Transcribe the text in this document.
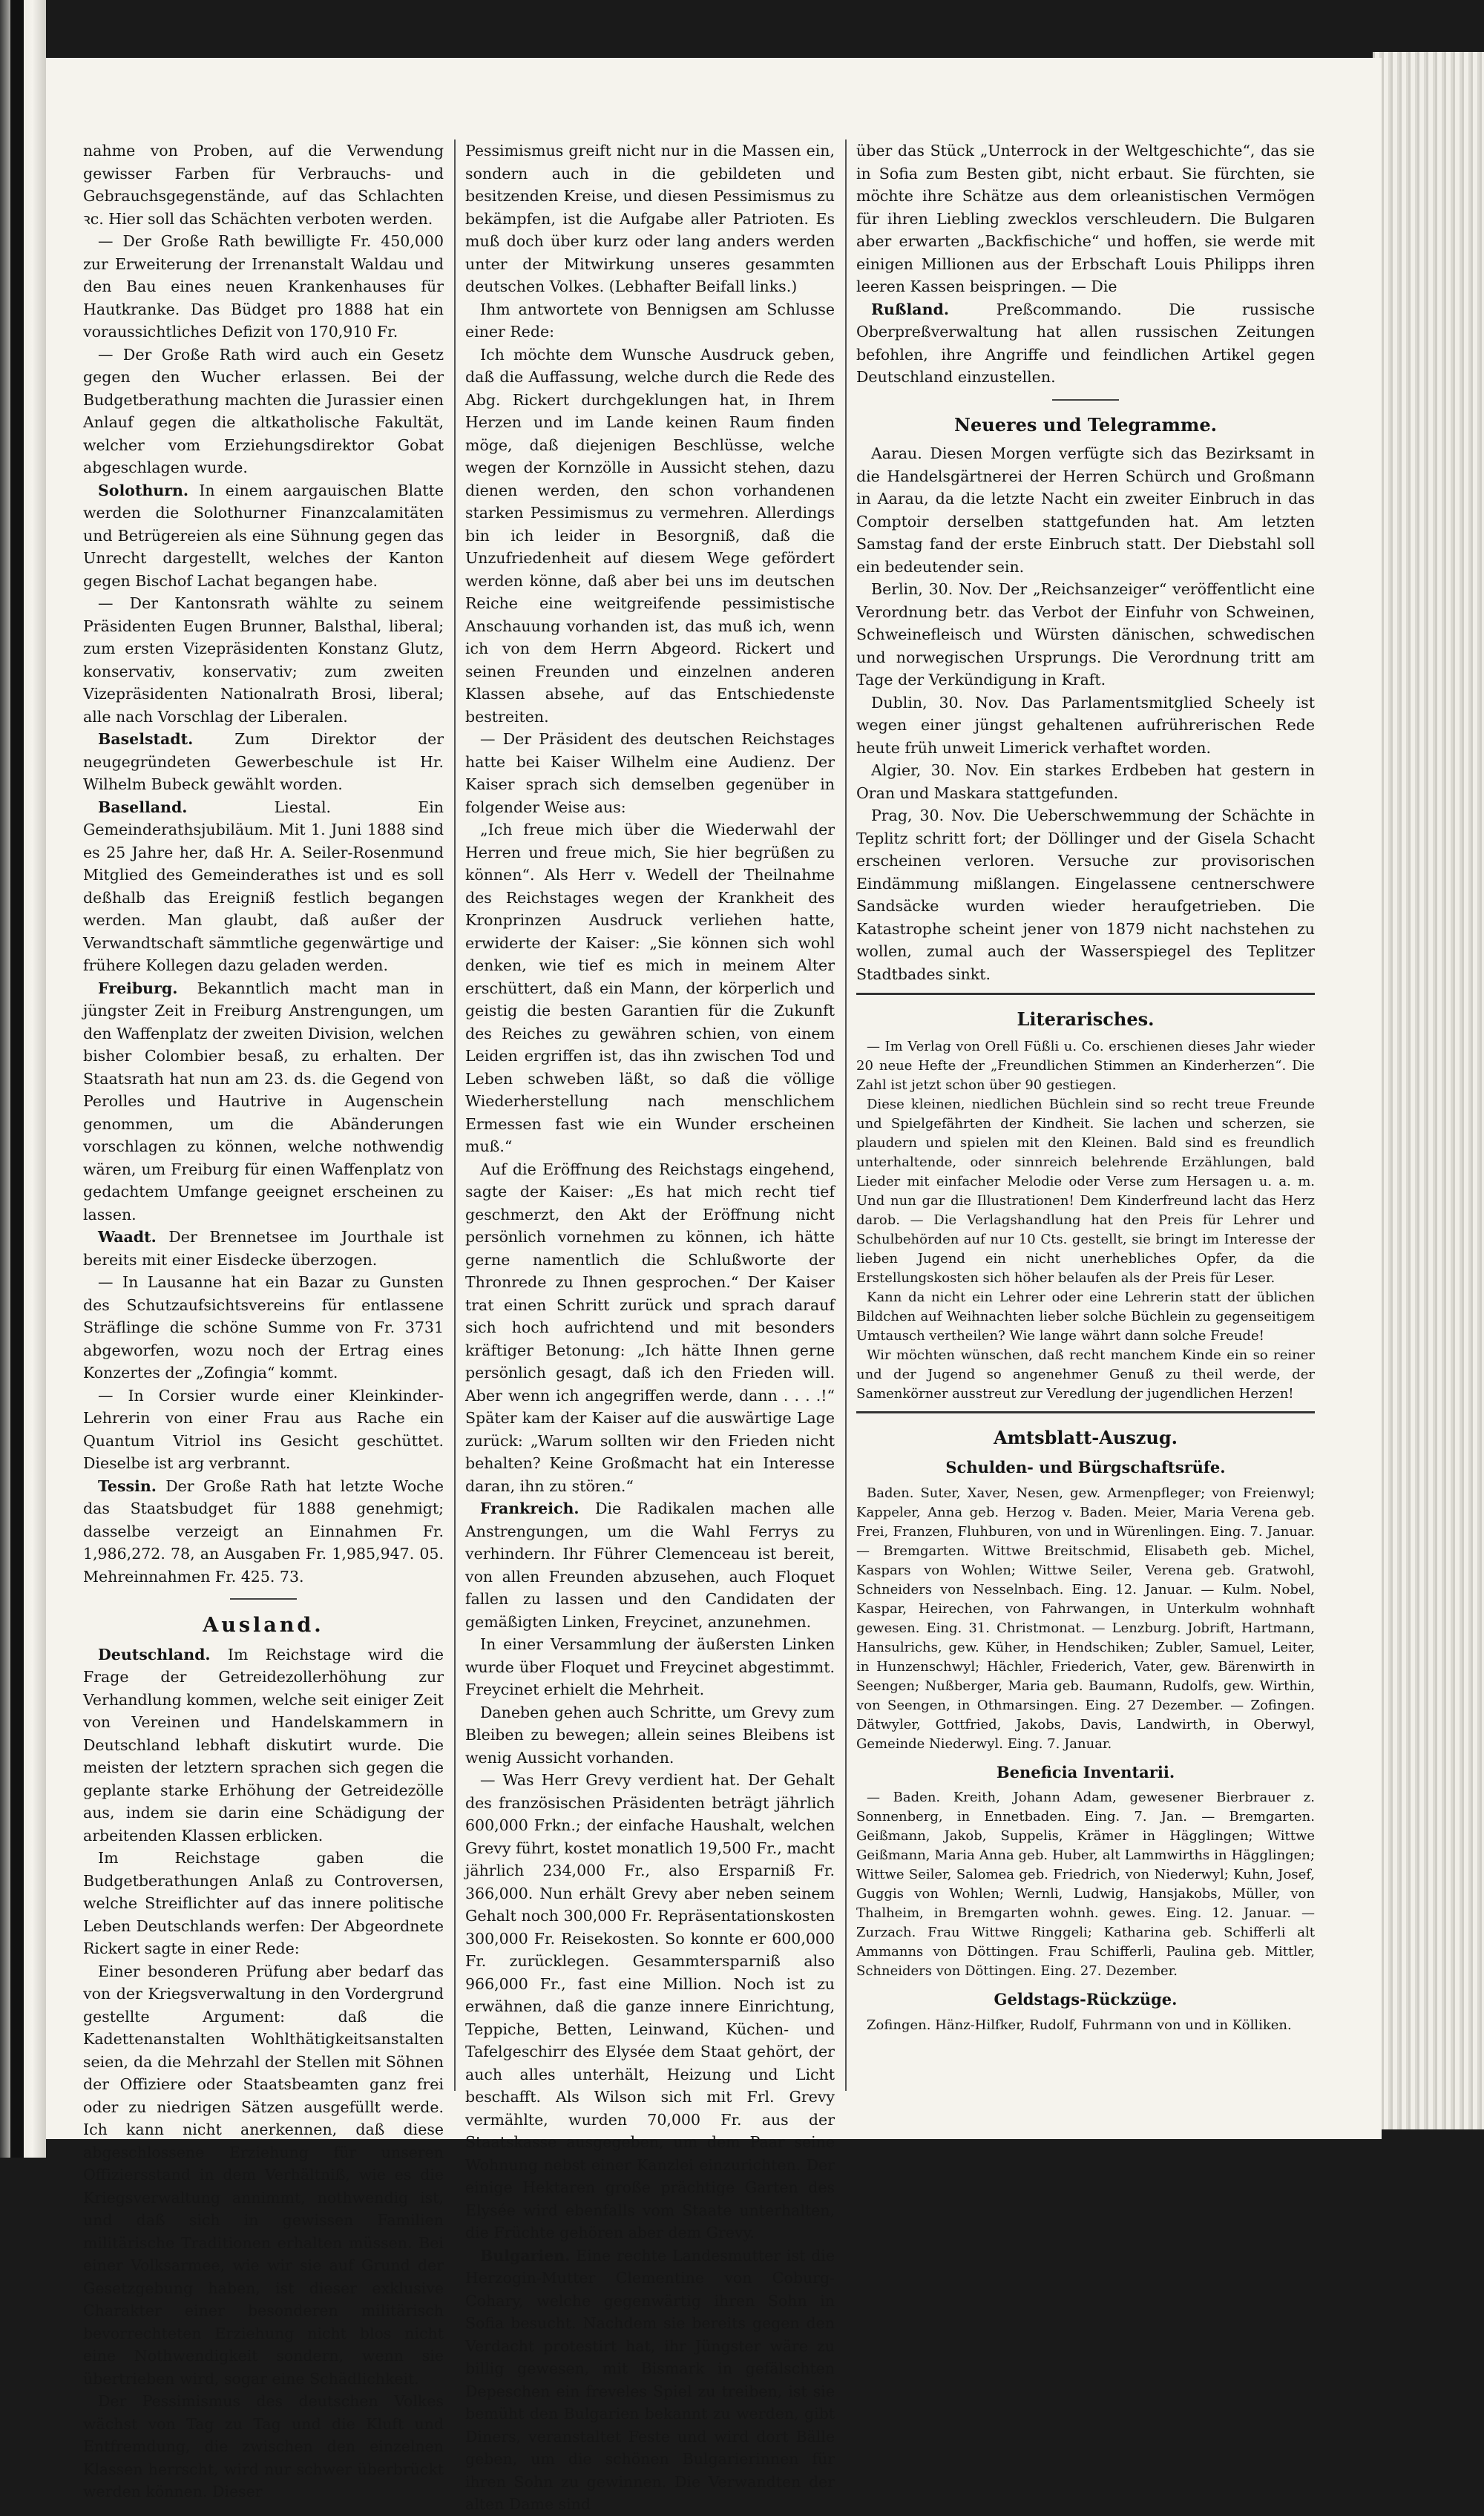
nahme von Proben, auf die Verwendung gewisser Farben für Verbrauchs- und Gebrauchsgegenstände, auf das Schlachten ꝛc. Hier soll das Schächten verboten werden.

— Der Große Rath bewilligte Fr. 450,000 zur Erweiterung der Irrenanstalt Waldau und den Bau eines neuen Krankenhauses für Hautkranke. Das Büdget pro 1888 hat ein voraussichtliches Defizit von 170,910 Fr.

— Der Große Rath wird auch ein Gesetz gegen den Wucher erlassen. Bei der Budgetberathung machten die Jurassier einen Anlauf gegen die altkatholische Fakultät, welcher vom Erziehungsdirektor Gobat abgeschlagen wurde.

Solothurn. In einem aargauischen Blatte werden die Solothurner Finanzcalamitäten und Betrügereien als eine Sühnung gegen das Unrecht dargestellt, welches der Kanton gegen Bischof Lachat begangen habe.

— Der Kantonsrath wählte zu seinem Präsidenten Eugen Brunner, Balsthal, liberal; zum ersten Vizepräsidenten Konstanz Glutz, konservativ, konservativ; zum zweiten Vizepräsidenten Nationalrath Brosi, liberal; alle nach Vorschlag der Liberalen.

Baselstadt.	Zum Direktor der neugegründeten Gewerbeschule ist Hr. Wilhelm Bubeck gewählt worden.

Baselland.	Liestal. Ein Gemeinderathsjubiläum. Mit 1. Juni 1888 sind es 25 Jahre her, daß Hr. A. Seiler-Rosenmund Mitglied des Gemeinderathes ist und es soll deßhalb das Ereigniß festlich begangen werden. Man glaubt, daß außer der Verwandtschaft sämmtliche gegenwärtige und frühere Kollegen dazu geladen werden.

Freiburg. Bekanntlich macht man in jüngster Zeit in Freiburg Anstrengungen, um den Waffenplatz der zweiten Division, welchen bisher Colombier besaß, zu erhalten. Der Staatsrath hat nun am 23. ds. die Gegend von Perolles und Hautrive in Augenschein genommen, um die Abänderungen vorschlagen zu können, welche nothwendig wären, um Freiburg für einen Waffenplatz von gedachtem Umfange geeignet erscheinen zu lassen.

Waadt. Der Brennetsee im Jourthale ist bereits mit einer Eisdecke überzogen.

— In Lausanne hat ein Bazar zu Gunsten des Schutzaufsichtsvereins für entlassene Sträflinge die schöne Summe von Fr. 3731 abgeworfen, wozu noch der Ertrag eines Konzertes der „Zofingia“ kommt.

— In Corsier wurde einer Kleinkinder-Lehrerin von einer Frau aus Rache ein Quantum Vitriol ins Gesicht geschüttet. Dieselbe ist arg verbrannt.

Tessin. Der Große Rath hat letzte Woche das Staatsbudget für 1888 genehmigt; dasselbe verzeigt an Einnahmen Fr. 1,986,272. 78, an Ausgaben Fr. 1,985,947. 05. Mehreinnahmen Fr. 425. 73.

Ausland.

Deutschland. Im Reichstage wird die Frage der Getreidezollerhöhung zur Verhandlung kommen, welche seit einiger Zeit von Vereinen und Handelskammern in Deutschland lebhaft diskutirt wurde. Die meisten der letztern sprachen sich gegen die geplante starke Erhöhung der Getreidezölle aus, indem sie darin eine Schädigung der arbeitenden Klassen erblicken.

Im Reichstage gaben die Budgetberathungen Anlaß zu Controversen, welche Streiflichter auf das innere politische Leben Deutschlands werfen: Der Abgeordnete Rickert sagte in einer Rede:

Einer besonderen Prüfung aber bedarf das von der Kriegsverwaltung in den Vordergrund gestellte Argument: daß die Kadettenanstalten Wohlthätigkeitsanstalten seien, da die Mehrzahl der Stellen mit Söhnen der Offiziere oder Staatsbeamten ganz frei oder zu niedrigen Sätzen ausgefüllt werde. Ich kann nicht anerkennen, daß diese abgeschlossene Erziehung für unseren Offiziersstand in dem Verhältniß, wie es die Kriegsverwaltung annimmt, nothwendig ist, und daß sich in gewissen Familien militärische Traditionen erhalten müssen. Bei einer Volksarmee, wie wir sie auf Grund der Gesetzgebung haben, ist dieser exklusive Charakter einer besonderen militärisch bevorrechteten Erziehung nicht blos nicht eine Nothwendigkeit sondern, wenn sie übertrieben wird, sogar eine Schädlichkeit.

Der Pessimismus des deutschen Volkes wächst von Tag zu Tag und die Kluft und Entfremdung, die zwischen den einzelnen Klassen herrscht, wird nur schwer überbrückt werden können. Dieser

Pessimismus greift nicht nur in die Massen ein, sondern auch in die gebildeten und besitzenden Kreise, und diesen Pessimismus zu bekämpfen, ist die Aufgabe aller Patrioten. Es muß doch über kurz oder lang anders werden unter der Mitwirkung unseres gesammten deutschen Volkes. (Lebhafter Beifall links.)

Ihm antwortete von Bennigsen am Schlusse einer Rede:

Ich möchte dem Wunsche Ausdruck geben, daß die Auffassung, welche durch die Rede des Abg. Rickert durchgeklungen hat, in Ihrem Herzen und im Lande keinen Raum finden möge, daß diejenigen Beschlüsse, welche wegen der Kornzölle in Aussicht stehen, dazu dienen werden, den schon vorhandenen starken Pessimismus zu vermehren. Allerdings bin ich leider in Besorgniß, daß die Unzufriedenheit auf diesem Wege gefördert werden könne, daß aber bei uns im deutschen Reiche eine weitgreifende pessimistische Anschauung vorhanden ist, das muß ich, wenn ich von dem Herrn Abgeord. Rickert und seinen Freunden und einzelnen anderen Klassen absehe, auf das Entschiedenste bestreiten.

— Der Präsident des deutschen Reichstages hatte bei Kaiser Wilhelm eine Audienz. Der Kaiser sprach sich demselben gegenüber in folgender Weise aus:

„Ich freue mich über die Wiederwahl der Herren und freue mich, Sie hier begrüßen zu können“. Als Herr v. Wedell der Theilnahme des Reichstages wegen der Krankheit des Kronprinzen Ausdruck verliehen hatte, erwiderte der Kaiser: „Sie können sich wohl denken, wie tief es mich in meinem Alter erschüttert, daß ein Mann, der körperlich und geistig die besten Garantien für die Zukunft des Reiches zu gewähren schien, von einem Leiden ergriffen ist, das ihn zwischen Tod und Leben schweben läßt, so daß die völlige Wiederherstellung nach menschlichem Ermessen fast wie ein Wunder erscheinen muß.“

Auf die Eröffnung des Reichstags eingehend, sagte der Kaiser: „Es hat mich recht tief geschmerzt, den Akt der Eröffnung nicht persönlich vornehmen zu können, ich hätte gerne namentlich die Schlußworte der Thronrede zu Ihnen gesprochen.“ Der Kaiser trat einen Schritt zurück und sprach darauf sich hoch aufrichtend und mit besonders kräftiger Betonung: „Ich hätte Ihnen gerne persönlich gesagt, daß ich den Frieden will. Aber wenn ich angegriffen werde, dann . . . .!“ Später kam der Kaiser auf die auswärtige Lage zurück: „Warum sollten wir den Frieden nicht behalten? Keine Großmacht hat ein Interesse daran, ihn zu stören.“

Frankreich. Die Radikalen machen alle Anstrengungen, um die Wahl Ferrys zu verhindern. Ihr Führer Clemenceau ist bereit, von allen Freunden abzusehen, auch Floquet fallen zu lassen und den Candidaten der gemäßigten Linken, Freycinet, anzunehmen.

In einer Versammlung der äußersten Linken wurde über Floquet und Freycinet abgestimmt. Freycinet erhielt die Mehrheit.

Daneben gehen auch Schritte, um Grevy zum Bleiben zu bewegen; allein seines Bleibens ist wenig Aussicht vorhanden.

— Was Herr Grevy verdient hat. Der Gehalt des französischen Präsidenten beträgt jährlich 600,000 Frkn.; der einfache Haushalt, welchen Grevy führt, kostet monatlich 19,500 Fr., macht jährlich 234,000 Fr., also Ersparniß Fr. 366,000. Nun erhält Grevy aber neben seinem Gehalt noch 300,000 Fr. Repräsentationskosten 300,000 Fr. Reisekosten. So konnte er 600,000 Fr. zurücklegen. Gesammtersparniß also 966,000 Fr., fast eine Million. Noch ist zu erwähnen, daß die ganze innere Einrichtung, Teppiche, Betten, Leinwand, Küchen- und Tafelgeschirr des Elysée dem Staat gehört, der auch alles unterhält, Heizung und Licht beschafft. Als Wilson sich mit Frl. Grevy vermählte, wurden 70,000 Fr. aus der Staatskasse ausgegeben, um dem Paar seine Wohnung nebst einer Kanzlei einzurichten. Der einige Hektaren große prächtige Garten des Elysée wird ebenfalls vom Staate unterhalten, die Früchte gehören aber dem Grevy.

Bulgarien. Eine rechte Landesmutter ist die Herzogin-Mutter Clementine von Coburg-Cohary, welche gegenwärtig ihren Sohn in Sofia besucht. Nachdem sie bereits gegen den Verdacht protestirt hat, ihr Jüngster wäre zu billig gewesen, mit Bismark in gefälschten Depeschen ein freveles Spiel zu treiben, ist sie bemüht den Bulgarien bekannt zu werden, gibt Diners, veranstaltet Feste und wird dort Bälle geben, um die schönen Bulgarierinnen für ihren Sohn zu gewinnen. Die Verwandten der alten Dame sind

über das Stück „Unterrock in der Weltgeschichte“, das sie in Sofia zum Besten gibt, nicht erbaut. Sie fürchten, sie möchte ihre Schätze aus dem orleanistischen Vermögen für ihren Liebling zwecklos verschleudern. Die Bulgaren aber erwarten „Backfischiche“ und hoffen, sie werde mit einigen Millionen aus der Erbschaft Louis Philipps ihren leeren Kassen beispringen. — Die

Rußland.	Preßcommando. Die russische Oberpreßverwaltung hat allen russischen Zeitungen befohlen, ihre Angriffe und feindlichen Artikel gegen Deutschland einzustellen.

Neueres und Telegramme.

Aarau. Diesen Morgen verfügte sich das Bezirksamt in die Handelsgärtnerei der Herren Schürch und Großmann in Aarau, da die letzte Nacht ein zweiter Einbruch in das Comptoir derselben stattgefunden hat. Am letzten Samstag fand der erste Einbruch statt. Der Diebstahl soll ein bedeutender sein.

Berlin, 30. Nov. Der „Reichsanzeiger“ veröffentlicht eine Verordnung betr. das Verbot der Einfuhr von Schweinen, Schweinefleisch und Würsten dänischen, schwedischen und norwegischen Ursprungs. Die Verordnung tritt am Tage der Verkündigung in Kraft.

Dublin, 30. Nov. Das Parlamentsmitglied Scheely ist wegen einer jüngst gehaltenen aufrührerischen Rede heute früh unweit Limerick verhaftet worden.

Algier, 30. Nov. Ein starkes Erdbeben hat gestern in Oran und Maskara stattgefunden.

Prag, 30. Nov. Die Ueberschwemmung der Schächte in Teplitz schritt fort; der Döllinger und der Gisela Schacht erscheinen verloren. Versuche zur provisorischen Eindämmung mißlangen. Eingelassene centnerschwere Sandsäcke wurden wieder heraufgetrieben. Die Katastrophe scheint jener von 1879 nicht nachstehen zu wollen, zumal auch der Wasserspiegel des Teplitzer Stadtbades sinkt.

Literarisches.

— Im Verlag von Orell Füßli u. Co. erschienen dieses Jahr wieder 20 neue Hefte der „Freundlichen Stimmen an Kinderherzen“. Die Zahl ist jetzt schon über 90 gestiegen.

Diese kleinen, niedlichen Büchlein sind so recht treue Freunde und Spielgefährten der Kindheit. Sie lachen und scherzen, sie plaudern und spielen mit den Kleinen. Bald sind es freundlich unterhaltende, oder sinnreich belehrende Erzählungen, bald Lieder mit einfacher Melodie oder Verse zum Hersagen u. a. m. Und nun gar die Illustrationen! Dem Kinderfreund lacht das Herz darob. — Die Verlagshandlung hat den Preis für Lehrer und Schulbehörden auf nur 10 Cts. gestellt, sie bringt im Interesse der lieben Jugend ein nicht unerhebliches Opfer, da die Erstellungskosten sich höher belaufen als der Preis für Leser.

Kann da nicht ein Lehrer oder eine Lehrerin statt der üblichen Bildchen auf Weihnachten lieber solche Büchlein zu gegenseitigem Umtausch vertheilen? Wie lange währt dann solche Freude!

Wir möchten wünschen, daß recht manchem Kinde ein so reiner und der Jugend so angenehmer Genuß zu theil werde, der Samenkörner ausstreut zur Veredlung der jugendlichen Herzen!

Amtsblatt-Auszug.
Schulden- und Bürgschaftsrüfe.

Baden. Suter, Xaver, Nesen, gew. Armenpfleger; von Freienwyl; Kappeler, Anna geb. Herzog v. Baden. Meier, Maria Verena geb. Frei, Franzen, Fluhburen, von und in Würenlingen. Eing. 7. Januar. — Bremgarten. Wittwe Breitschmid, Elisabeth geb. Michel, Kaspars von Wohlen; Wittwe Seiler, Verena geb. Gratwohl, Schneiders von Nesselnbach. Eing. 12. Januar. — Kulm. Nobel, Kaspar, Heirechen, von Fahrwangen, in Unterkulm wohnhaft gewesen. Eing. 31. Christmonat. — Lenzburg. Jobrift, Hartmann, Hansulrichs, gew. Küher, in Hendschiken; Zubler, Samuel, Leiter, in Hunzenschwyl; Hächler, Friederich, Vater, gew. Bärenwirth in Seengen; Nußberger, Maria geb. Baumann, Rudolfs, gew. Wirthin, von Seengen, in Othmarsingen. Eing. 27 Dezember. — Zofingen. Dätwyler, Gottfried, Jakobs, Davis, Landwirth, in Oberwyl, Gemeinde Niederwyl. Eing. 7. Januar.

Beneficia Inventarii.

— Baden. Kreith, Johann Adam, gewesener Bierbrauer z. Sonnenberg, in Ennetbaden. Eing. 7. Jan. — Bremgarten. Geißmann, Jakob, Suppelis, Krämer in Hägglingen; Wittwe Geißmann, Maria Anna geb. Huber, alt Lammwirths in Hägglingen; Wittwe Seiler, Salomea geb. Friedrich, von Niederwyl; Kuhn, Josef, Guggis von Wohlen; Wernli, Ludwig, Hansjakobs, Müller, von Thalheim, in Bremgarten wohnh. gewes. Eing. 12. Januar. — Zurzach. Frau Wittwe Ringgeli; Katharina geb. Schifferli alt Ammanns von Döttingen. Frau Schifferli, Paulina geb. Mittler, Schneiders von Döttingen. Eing. 27. Dezember.

Geldstags-Rückzüge.

Zofingen. Hänz-Hilfker, Rudolf, Fuhrmann von und in Kölliken.
